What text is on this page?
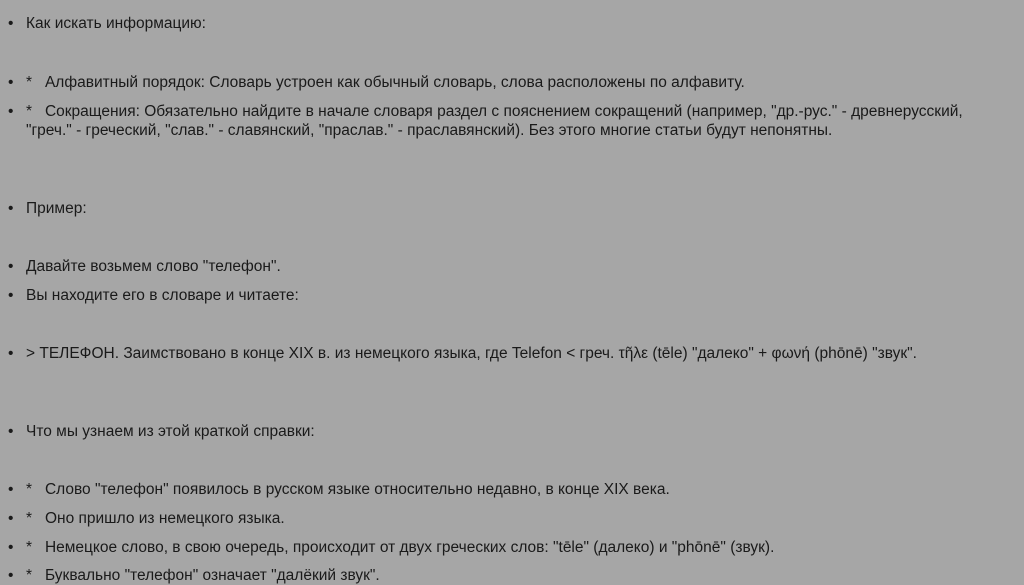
• Как искать информацию:
• *   Алфавитный порядок: Словарь устроен как обычный словарь, слова расположены по алфавиту.
• *   Сокращения: Обязательно найдите в начале словаря раздел с пояснением сокращений (например, "др.-рус." - древнерусский, "греч." - греческий, "слав." - славянский, "праслав." - праславянский). Без этого многие статьи будут непонятны.
• Пример:
• Давайте возьмем слово "телефон".
• Вы находите его в словаре и читаете:
• > ТЕЛЕФОН. Заимствовано в конце XIX в. из немецкого языка, где Telefon < греч. τῆλε (tēle) "далеко" + φωνή (phōnē) "звук".
• Что мы узнаем из этой краткой справки:
• *   Слово "телефон" появилось в русском языке относительно недавно, в конце XIX века.
• *   Оно пришло из немецкого языка.
• *   Немецкое слово, в свою очередь, происходит от двух греческих слов: "tēle" (далеко) и "phōnē" (звук).
• *   Буквально "телефон" означает "далёкий звук".
